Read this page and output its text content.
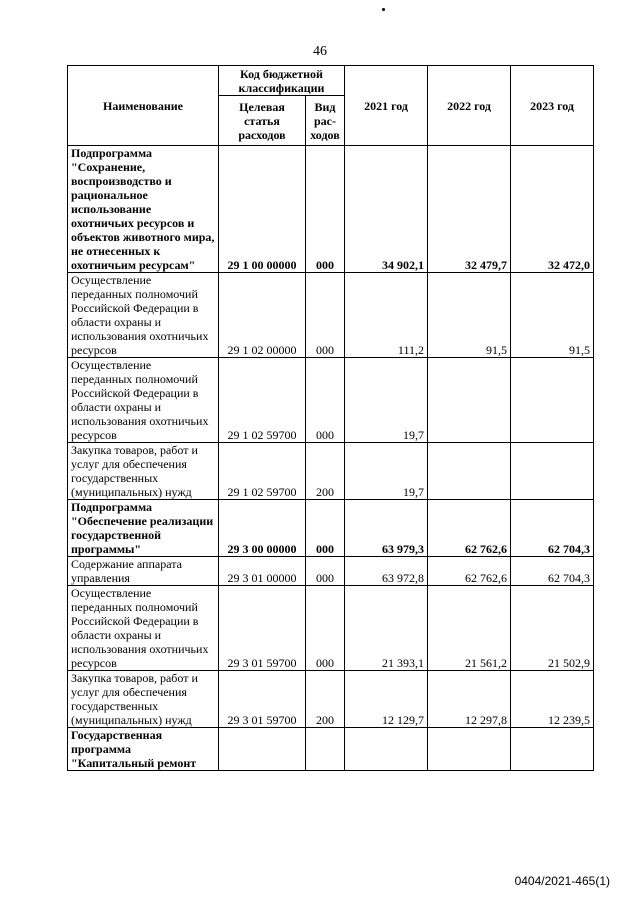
46
Наименование	Код бюджетной классификации		2021 год	2022 год	2023 год
	Целевая статья расходов	Вид рас-ходов			
Подпрограмма "Сохранение, воспроизводство и рациональное использование охотничьих ресурсов и объектов животного мира, не отнесенных к охотничьим ресурсам"	29 1 00 00000	000	34 902,1	32 479,7	32 472,0
Осуществление переданных полномочий Российской Федерации в области охраны и использования охотничьих ресурсов	29 1 02 00000	000	111,2	91,5	91,5
Осуществление переданных полномочий Российской Федерации в области охраны и использования охотничьих ресурсов	29 1 02 59700	000	19,7		
Закупка товаров, работ и услуг для обеспечения государственных (муниципальных) нужд	29 1 02 59700	200	19,7		
Подпрограмма "Обеспечение реализации государственной программы"	29 3 00 00000	000	63 979,3	62 762,6	62 704,3
Содержание аппарата управления	29 3 01 00000	000	63 972,8	62 762,6	62 704,3
Осуществление переданных полномочий Российской Федерации в области охраны и использования охотничьих ресурсов	29 3 01 59700	000	21 393,1	21 561,2	21 502,9
Закупка товаров, работ и услуг для обеспечения государственных (муниципальных) нужд	29 3 01 59700	200	12 129,7	12 297,8	12 239,5
Государственная программа "Капитальный ремонт					
0404/2021-465(1)
